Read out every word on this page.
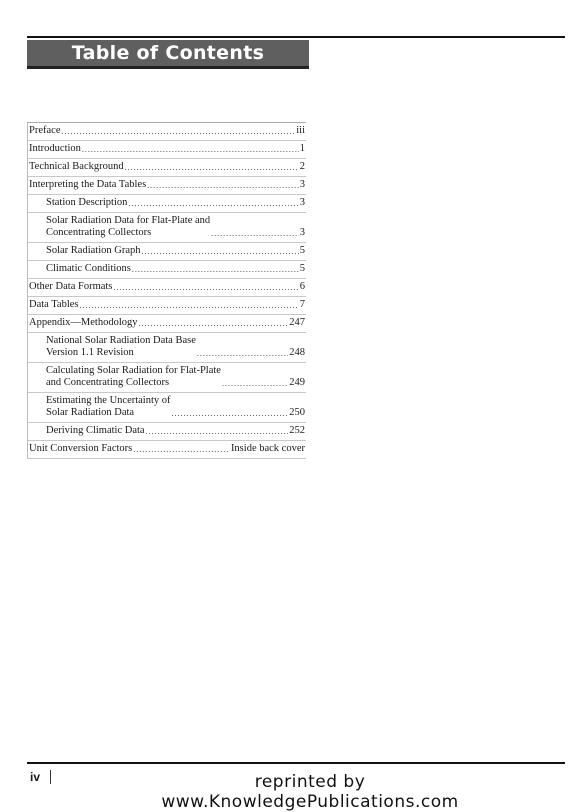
Table of Contents
Preface .....	iii
Introduction .....	1
Technical Background .....	2
Interpreting the Data Tables .....	3
Station Description .....	3
Solar Radiation Data for Flat-Plate and
Concentrating Collectors .....	3
Solar Radiation Graph .....	5
Climatic Conditions .....	5
Other Data Formats .....	6
Data Tables .....	7
Appendix—Methodology .....	247
National Solar Radiation Data Base
Version 1.1 Revision .....	248
Calculating Solar Radiation for Flat-Plate
and Concentrating Collectors .....	249
Estimating the Uncertainty of
Solar Radiation Data .....	250
Deriving Climatic Data .....	252
Unit Conversion Factors .....	Inside back cover
iv	reprinted by www.KnowledgePublications.com
